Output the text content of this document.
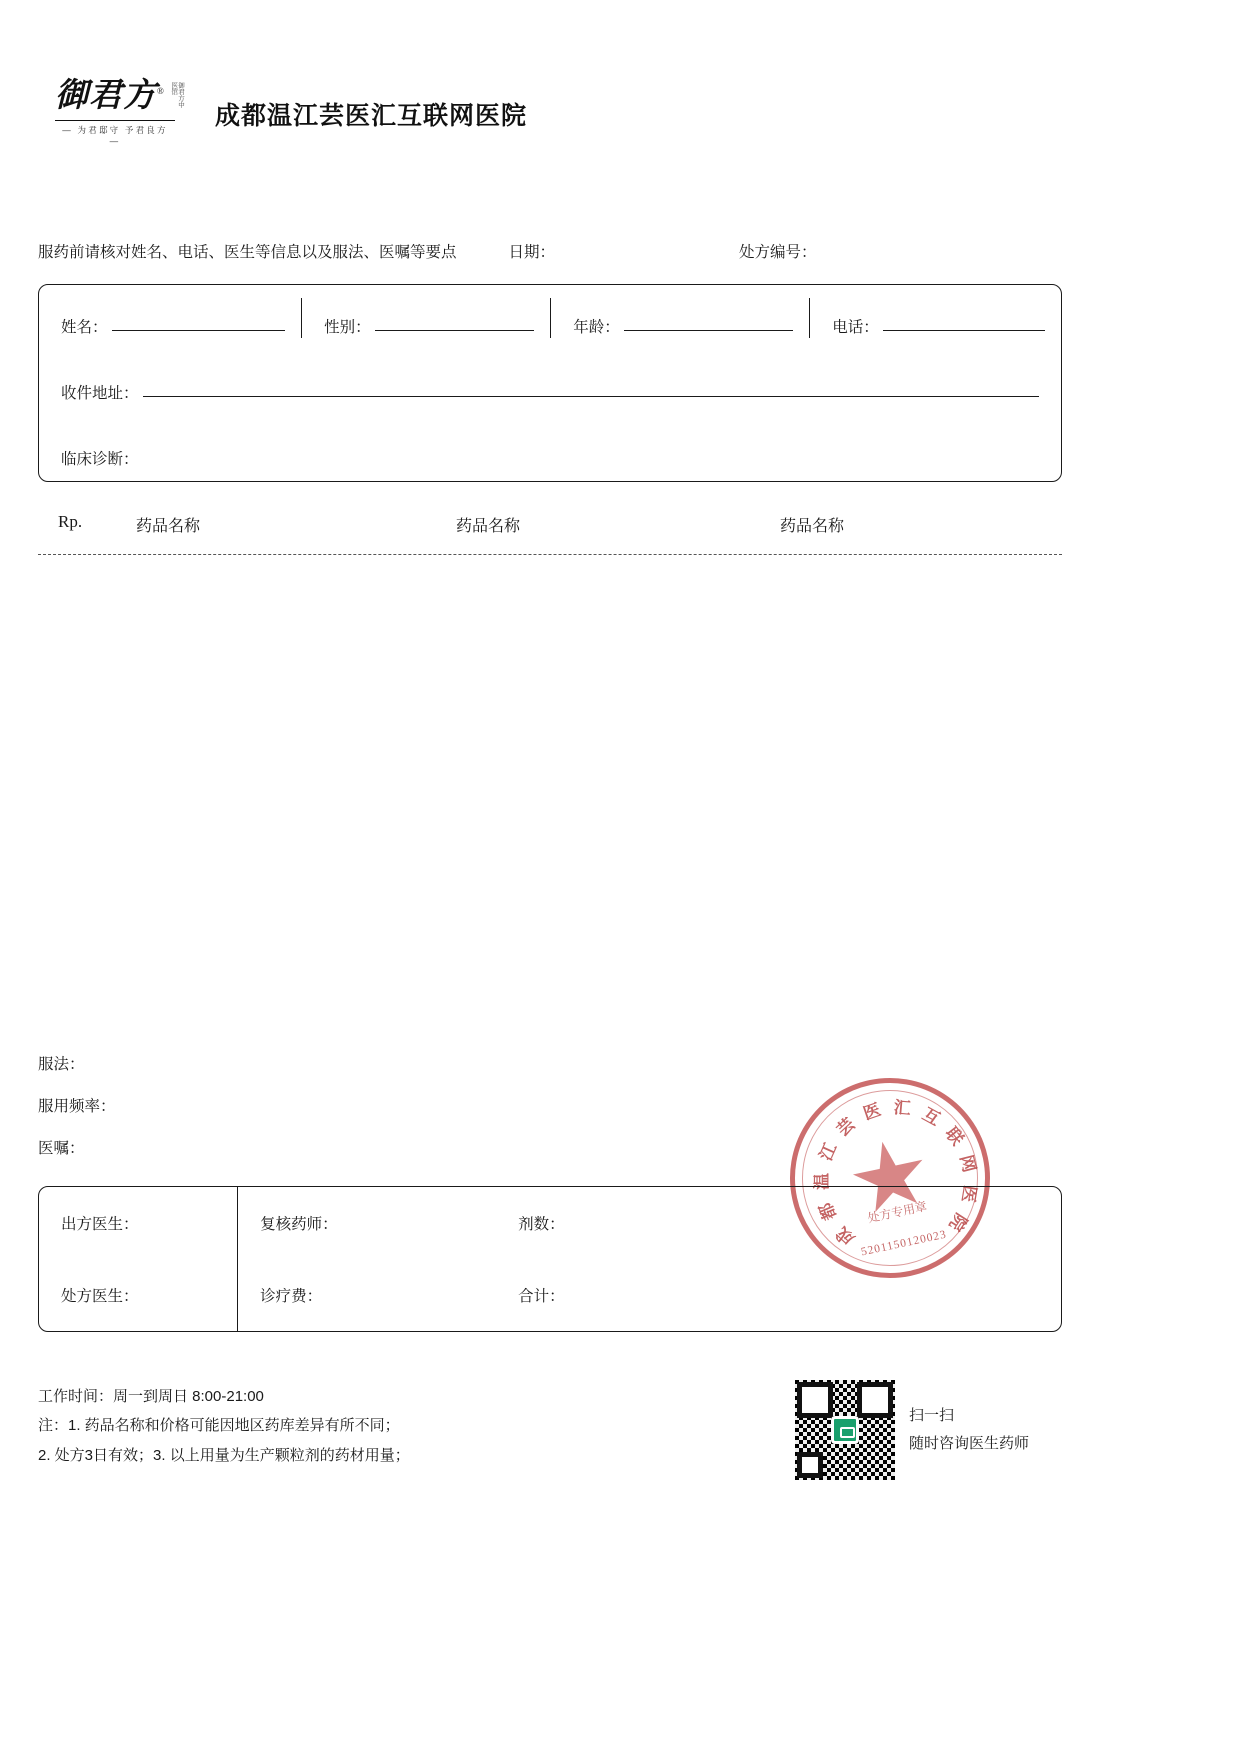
御君方®	御君方中医馆
— 为君邸守 予君良方 —
成都温江芸医汇互联网医院
服药前请核对姓名、电话、医生等信息以及服法、医嘱等要点	日期：	处方编号：
姓名：	性别：	年龄：	电话：
收件地址：
临床诊断：
Rp.	药品名称	药品名称	药品名称
服法：
服用频率：
医嘱：
成
都
温
江
芸
医 汇 互
联
网
医
院
处方专用章
5201150120023
出方医生：	复核药师：	剂数：
处方医生：	诊疗费：	合计：
工作时间：周一到周日 8:00-21:00
注：1. 药品名称和价格可能因地区药库差异有所不同；
2. 处方3日有效；3. 以上用量为生产颗粒剂的药材用量；
扫一扫
随时咨询医生药师
